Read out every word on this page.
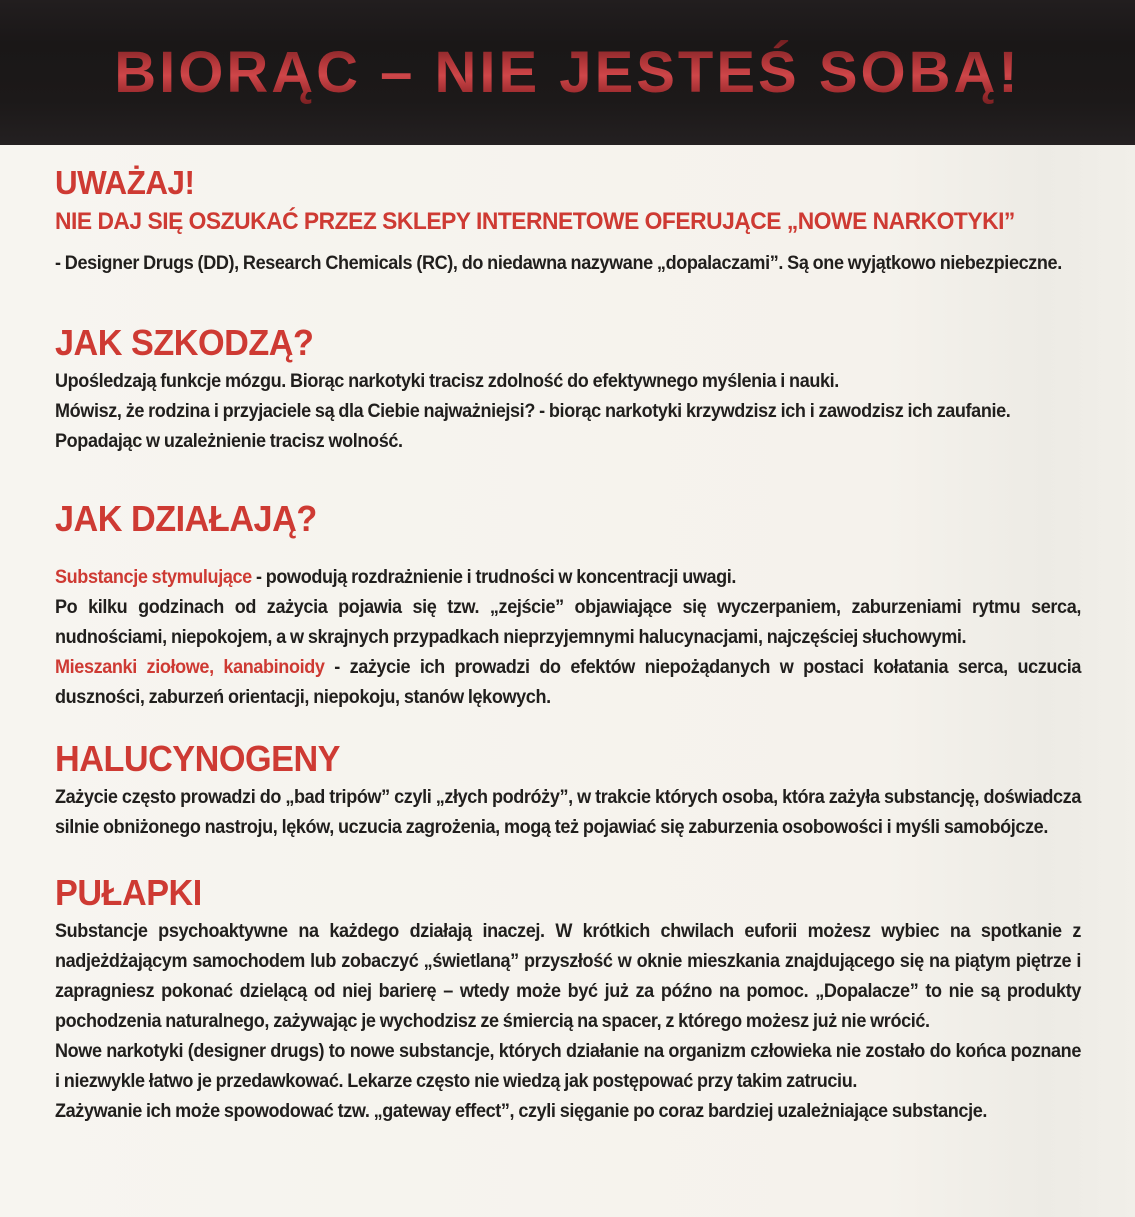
BIORĄC – NIE JESTEŚ SOBĄ!
UWAŻAJ!
NIE DAJ SIĘ OSZUKAĆ PRZEZ SKLEPY INTERNETOWE OFERUJĄCE „NOWE NARKOTYKI”

- Designer Drugs (DD), Research Chemicals (RC), do niedawna nazywane „dopalaczami”. Są one wyjątkowo niebezpieczne.

JAK SZKODZĄ?

Upośledzają funkcje mózgu. Biorąc narkotyki tracisz zdolność do efektywnego myślenia i nauki.

Mówisz, że rodzina i przyjaciele są dla Ciebie najważniejsi? - biorąc narkotyki krzywdzisz ich i zawodzisz ich zaufanie.

Popadając w uzależnienie tracisz wolność.

JAK DZIAŁAJĄ?

Substancje stymulujące - powodują rozdrażnienie i trudności w koncentracji uwagi.

Po kilku godzinach od zażycia pojawia się tzw. „zejście” objawiające się wyczerpaniem, zaburzeniami rytmu serca, nudnościami, niepokojem, a w skrajnych przypadkach nieprzyjemnymi halucynacjami, najczęściej słuchowymi.

Mieszanki ziołowe, kanabinoidy - zażycie ich prowadzi do efektów niepożądanych w postaci kołatania serca, uczucia duszności, zaburzeń orientacji, niepokoju, stanów lękowych.

HALUCYNOGENY

Zażycie często prowadzi do „bad tripów” czyli „złych podróży”, w trakcie których osoba, która zażyła substancję, doświadcza silnie obniżonego nastroju, lęków, uczucia zagrożenia, mogą też pojawiać się zaburzenia osobowości i myśli samobójcze.

PUŁAPKI

Substancje psychoaktywne na każdego działają inaczej. W krótkich chwilach euforii możesz wybiec na spotkanie z nadjeżdżającym samochodem lub zobaczyć „świetlaną” przyszłość w oknie mieszkania znajdującego się na piątym piętrze i zapragniesz pokonać dzielącą od niej barierę – wtedy może być już za późno na pomoc. „Dopalacze” to nie są produkty pochodzenia naturalnego, zażywając je wychodzisz ze śmiercią na spacer, z którego możesz już nie wrócić.

Nowe narkotyki (designer drugs) to nowe substancje, których działanie na organizm człowieka nie zostało do końca poznane i niezwykle łatwo je przedawkować. Lekarze często nie wiedzą jak postępować przy takim zatruciu.

Zażywanie ich może spowodować tzw. „gateway effect”, czyli sięganie po coraz bardziej uzależniające substancje.
